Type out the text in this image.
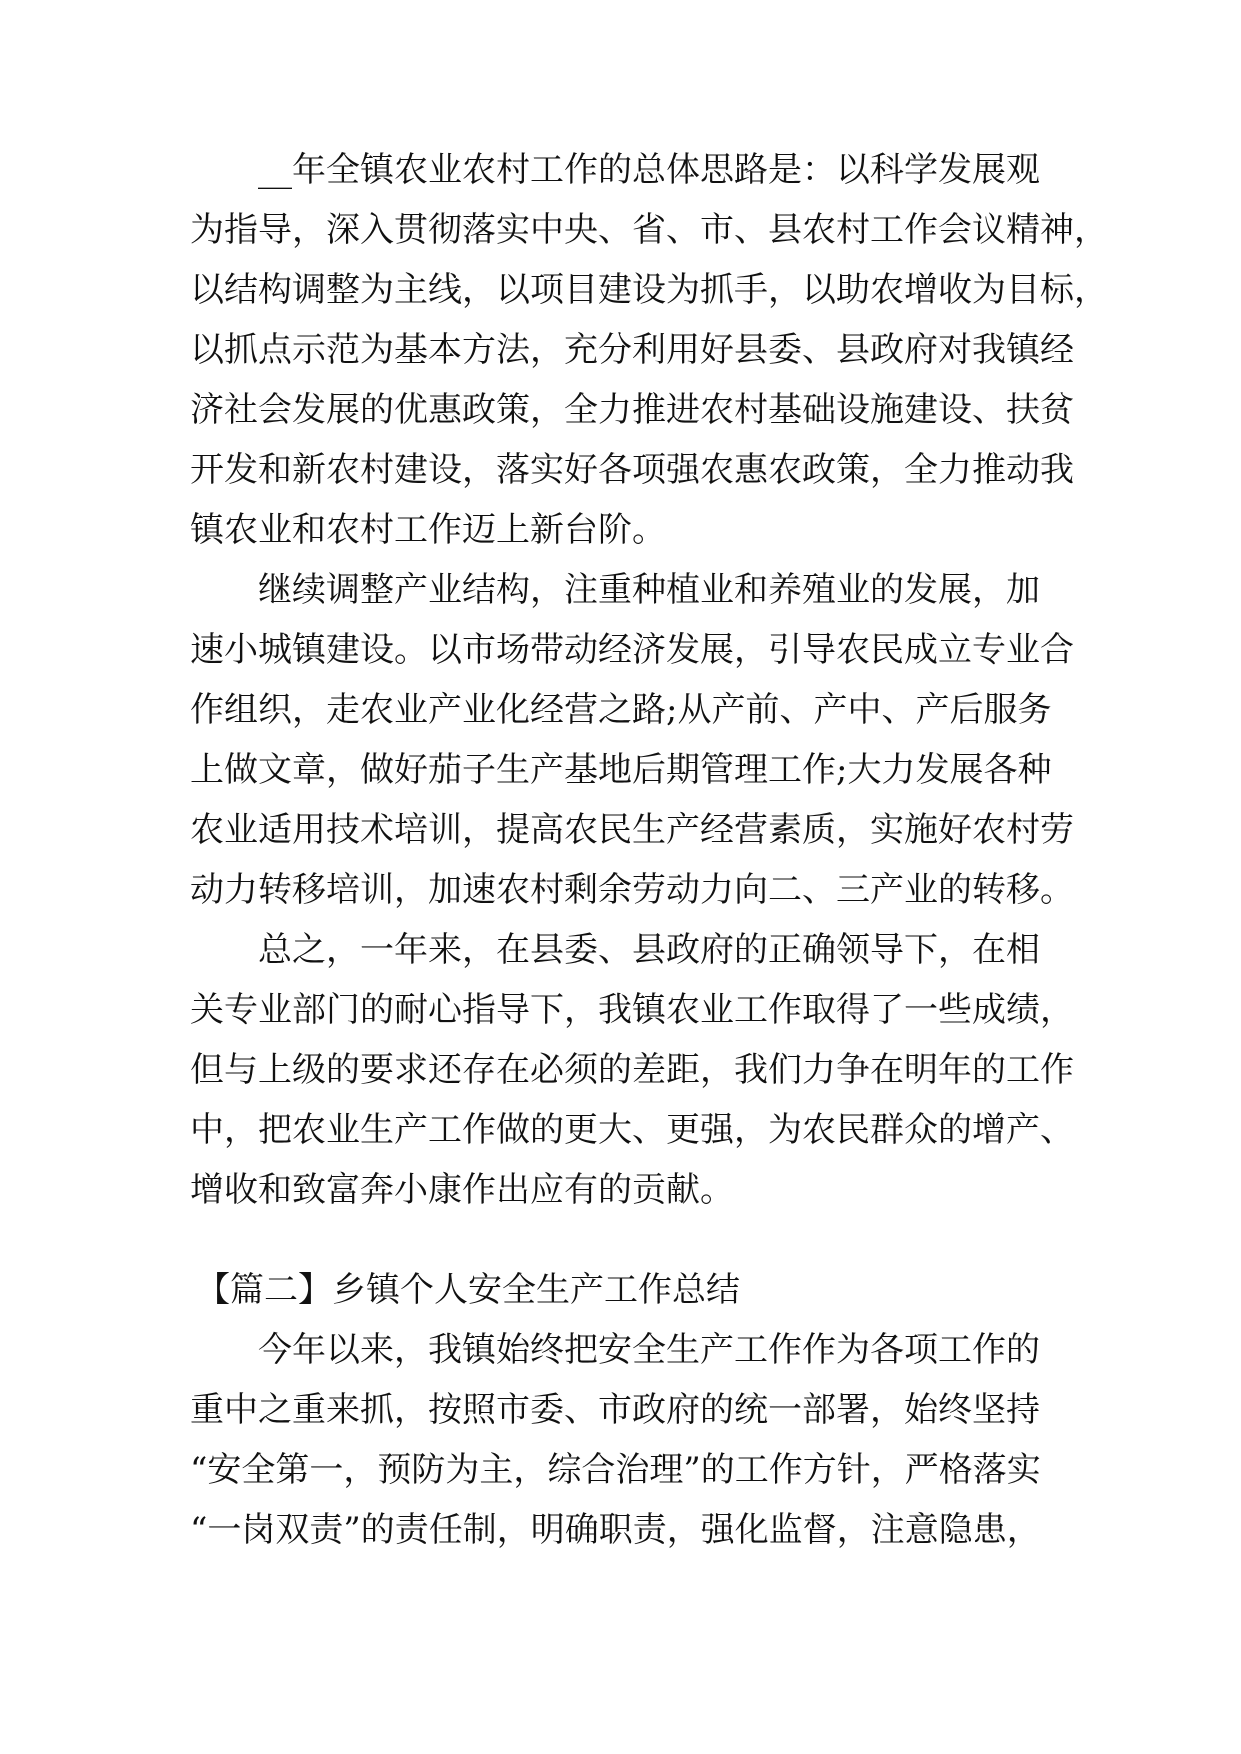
__年全镇农业农村工作的总体思路是：以科学发展观
为指导，深入贯彻落实中央、省、市、县农村工作会议精神，
以结构调整为主线，以项目建设为抓手，以助农增收为目标，
以抓点示范为基本方法，充分利用好县委、县政府对我镇经
济社会发展的优惠政策，全力推进农村基础设施建设、扶贫
开发和新农村建设，落实好各项强农惠农政策，全力推动我
镇农业和农村工作迈上新台阶。
继续调整产业结构，注重种植业和养殖业的发展，加
速小城镇建设。以市场带动经济发展，引导农民成立专业合
作组织，走农业产业化经营之路;从产前、产中、产后服务
上做文章，做好茄子生产基地后期管理工作;大力发展各种
农业适用技术培训，提高农民生产经营素质，实施好农村劳
动力转移培训，加速农村剩余劳动力向二、三产业的转移。
总之，一年来，在县委、县政府的正确领导下，在相
关专业部门的耐心指导下，我镇农业工作取得了一些成绩，
但与上级的要求还存在必须的差距，我们力争在明年的工作
中，把农业生产工作做的更大、更强，为农民群众的增产、
增收和致富奔小康作出应有的贡献。
【篇二】乡镇个人安全生产工作总结
今年以来，我镇始终把安全生产工作作为各项工作的
重中之重来抓，按照市委、市政府的统一部署，始终坚持
“安全第一，预防为主，综合治理”的工作方针，严格落实
“一岗双责”的责任制，明确职责，强化监督，注意隐患，
